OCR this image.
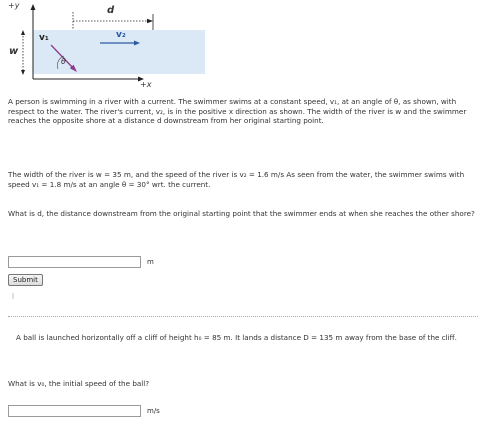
+y
+x
w
d
v₁	v₂
θ
A person is swimming in a river with a current. The swimmer swims at a constant speed, v₁, at an angle of θ, as shown, with respect to the water. The river's current, v₂, is in the positive x direction as shown. The width of the river is w and the swimmer reaches the opposite shore at a distance d downstream from her original starting point.
The width of the river is w = 35 m, and the speed of the river is v₂ = 1.6 m/s As seen from the water, the swimmer swims with speed v₁ = 1.8 m/s at an angle θ = 30° wrt. the current.
What is d, the distance downstream from the original starting point that the swimmer ends at when she reaches the other shore?
m
Submit
A ball is launched horizontally off a cliff of height h₀ = 85 m. It lands a distance D = 135 m away from the base of the cliff.
What is v₀, the initial speed of the ball?
m/s
